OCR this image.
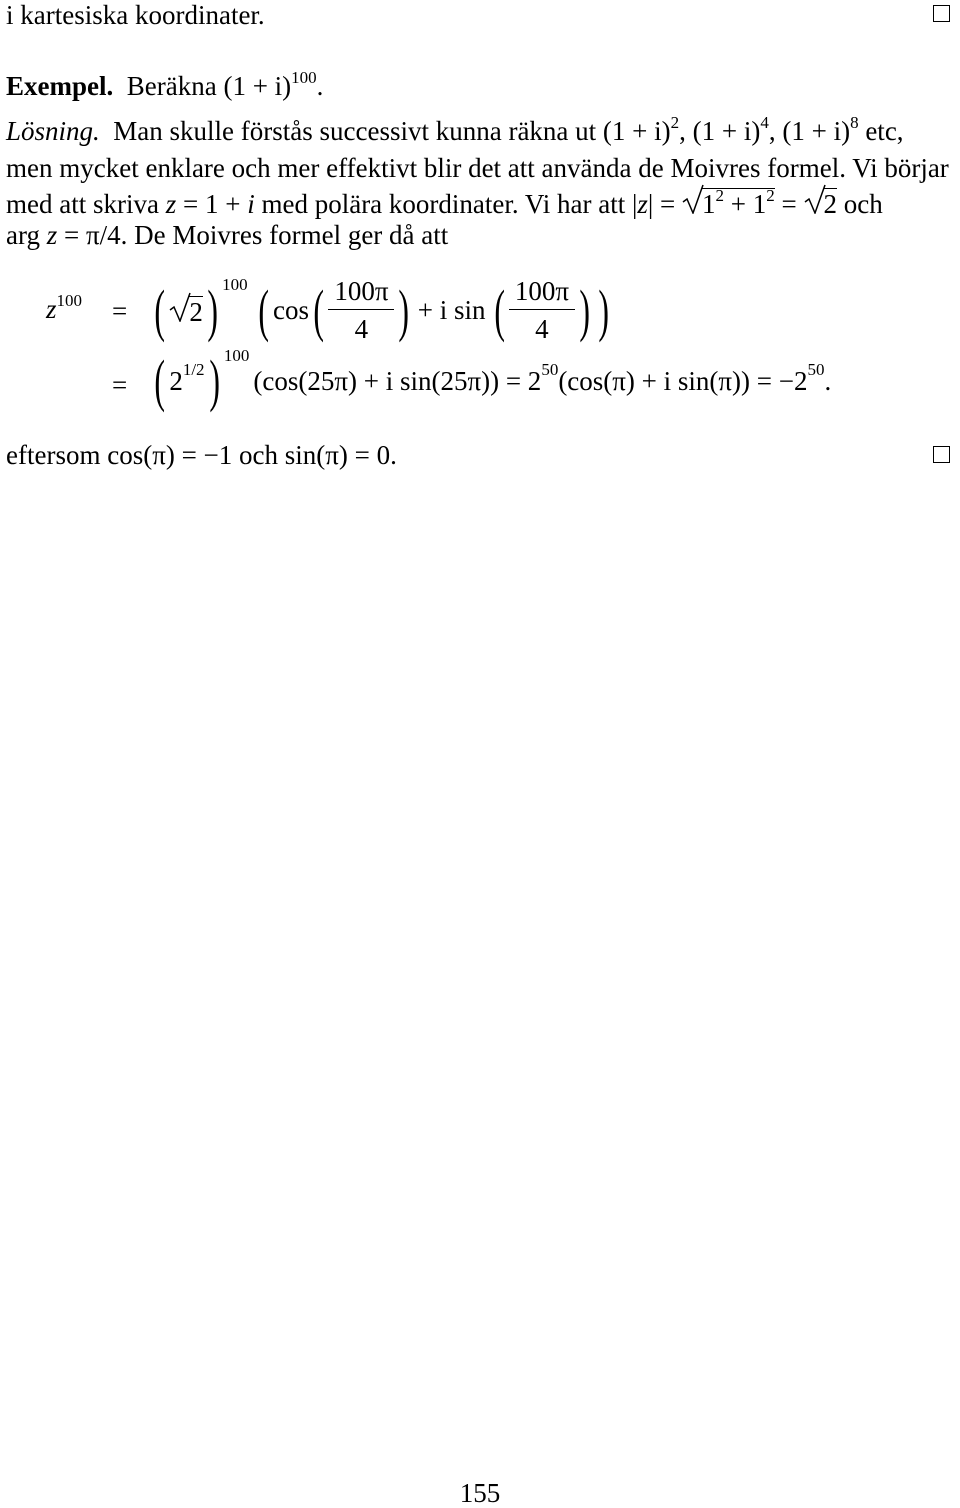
i kartesiska koordinater.
Exempel. Beräkna $(1 + i)^{100}$.
Lösning. Man skulle förstås successivt kunna räkna ut $(1 + i)^2$, $(1 + i)^4$, $(1 + i)^8$ etc,
men mycket enklare och mer effektivt blir det att använda de Moivres formel. Vi börjar
med att skriva z = 1 + i med polära koordinater. Vi har att |z| =
$1^2 + 1^2$ =
2 och
arg z = π/4. De Moivres formel ger då att
$z^{100}$ = ( 2 ) 100 ( cos ( $\frac{100\pi}{4}$ ) + i sin ( $\frac{100\pi}{4}$ ) )
= ( 2 1/2 ) 100
(cos(25π) + i $\sin(25\pi)) = 2^{50}$ (cos(π) + i $\sin(\pi)) = -2^{50}$ .
eftersom cos(π) = −1 och sin(π) = 0.
155
